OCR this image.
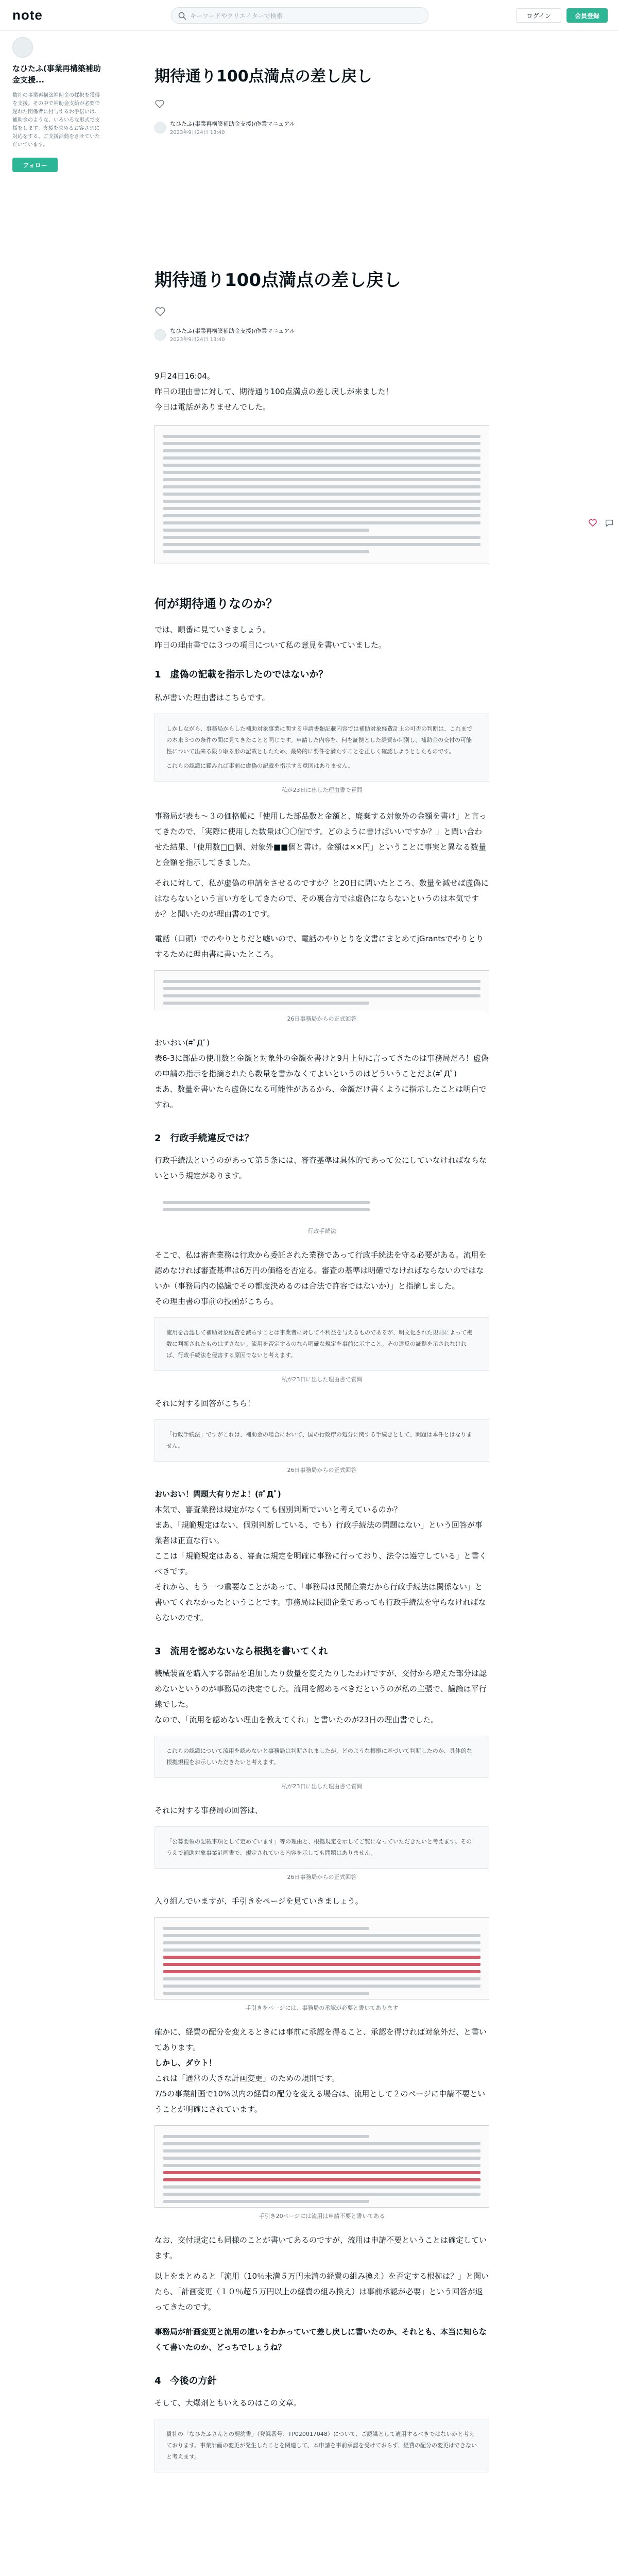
note
キーワードやクリエイターで検索	ログイン	会員登録
なひたふ(事業再構築補助金支援...
数社の事業再構築補助金の採択を獲得を支援。その中で補助金支給が必要で遅れた関係者に付与するお手伝いは、補助金のような、いろいろな形式で支援をします。支援を求めるお客さまに対応をする、ご支援活動をさせていただいています。
フォロー
期待通り100点満点の差し戻し
なひたふ(事業再構築補助金支援)/作業マニュアル
2023年9月24日 13:40
期待通り100点満点の差し戻し
なひたふ(事業再構築補助金支援)/作業マニュアル
2023年9月24日 13:40

9月24日16:04。

昨日の理由書に対して、期待通り100点満点の差し戻しが来ました！

今日は電話がありませんでした。

何が期待通りなのか？

では、順番に見ていきましょう。

昨日の理由書では３つの項目について私の意見を書いていました。

1　虚偽の記載を指示したのではないか？

私が書いた理由書はこちらです。

しかしながら、事務局からした補助対象事業に関する申請書類記載内容では補助対象経費計上の可否の判断は、これまでの本来３つの条件の間に見てきたことと同じです。申請した内容を、何を証拠とした経費か判別し、補助金の交付の可能性について出来る限り取る形の記載としたため、最終的に要件を満たすことを正しく確認しようとしたものです。
これらの認識に鑑みれば事前に虚偽の記載を指示する意図はありません。
私が23日に出した理由書で質問

事務局が表も～３の価格帳に「使用した部品数と金額と、廃棄する対象外の金額を書け」と言ってきたので、「実際に使用した数量は〇〇個です。どのように書けばいいですか？」と問い合わせた結果、「使用数□□個、対象外■■個と書け。金額は××円」ということに事実と異なる数量と金額を指示してきました。

それに対して、私が虚偽の申請をさせるのですか？と20日に問いたところ、数量を減せば虚偽にはならないという言い方をしてきたので、その裏合方では虚偽にならないというのは本気ですか？と聞いたのが理由書の1です。

電話（口頭）でのやりとりだと嘘いので、電話のやりとりを文書にまとめてjGrantsでやりとりするために理由書に書いたところ。

26日事務局からの正式回答

おいおい(#ﾟДﾟ)

表6-3に部品の使用数と金額と対象外の金額を書けと9月上旬に言ってきたのは事務局だろ！虚偽の申請の指示を指摘されたら数量を書かなくてよいというのはどういうことだよ(#ﾟДﾟ)

まあ、数量を書いたら虚偽になる可能性があるから、金額だけ書くように指示したことは明白ですね。

2　行政手続違反では？

行政手続法というのがあって第５条には、審査基準は具体的であって公にしていなければならないという規定があります。

行政手続法

そこで、私は審査業務は行政から委託された業務であって行政手続法を守る必要がある。流用を認めなければ審査基準は6万円の価格を否定る。審査の基準は明確でなければならないのではないか（事務局内の協議でその都度決めるのは合法で許容ではないか）」と指摘しました。

その理由書の事前の投函がこちら。

流用を否認して補助対象経費を減らすことは事業者に対して不利益を与えるものであるが、明文化された規則によって複数に判断されたものはずさない。流用を否定するのなら明確な規定を事前に示すこと。その違反の証拠を示されなければ、行政手続法を侵害する原因でないと考えます。
私が23日に出した理由書で質問

それに対する回答がこちら！

「行政手続法」ですがこれは、補助金の場合において、国の行政庁の処分に関する手続きとして、問題は本件とはなりません。
26日事務局からの正式回答

おいおい！問題大有りだよ！(#ﾟДﾟ)

本気で、審査業務は規定がなくても個別判断でいいと考えているのか？

まあ、「規範規定はない、個別判断している、でも）行政手続法の問題はない」という回答が事業者は正直な行い。

ここは「規範規定はある、審査は規定を明確に事務に行っており、法令は遵守している」と書くべきです。

それから、もう一つ重要なことがあって、「事務局は民間企業だから行政手続法は関係ない」と書いてくれなかったということです。事務局は民間企業であっても行政手続法を守らなければならないのです。

3　流用を認めないなら根拠を書いてくれ

機械装置を購入する部品を追加したり数量を変えたりしたわけですが、交付から増えた部分は認めないというのが事務局の決定でした。流用を認めるべきだというのが私の主張で、議論は平行線でした。

なので、「流用を認めない理由を教えてくれ」と書いたのが23日の理由書でした。

これらの認識について流用を認めないと事務局は判断されましたが、どのような根拠に基づいて判断したのか、具体的な根拠規程をお示しいただきたいと考えます。
私が23日に出した理由書で質問

それに対する事務局の回答は、

「公募要領の記載事項として定めています」等の理由と、根拠規定を示してご覧になっていただきたいと考えます。そのうえで補助対象事業計画書で、規定されている内容を示しても問題はありません。
26日事務局からの正式回答

入り組んでいますが、手引きをページを見ていきましょう。

手引きをページには、事務局の承認が必要と書いてあります

確かに、経費の配分を変えるときには事前に承認を得ること、承認を得ければ対象外だ、と書いてあります。

しかし、ダウト！

これは「通常の大きな計画変更」のための規則です。

7/5の事業計画で10%以内の経費の配分を変える場合は、流用として２のページに申請不要ということが明確にされています。

手引き20ページには流用は申請不要と書いてある

なお、交付規定にも同様のことが書いてあるのですが、流用は申請不要ということは確定しています。

以上をまとめると「流用（10％未満５万円未満の経費の組み換え）を否定する根拠は？」と聞いたら、「計画変更（１０％超５万円以上の経費の組み換え）は事前承認が必要」という回答が返ってきたのです。

事務局が計画変更と流用の違いをわかっていて差し戻しに書いたのか、それとも、本当に知らなくて書いたのか、どっちでしょうね？

4　今後の方針

そして、大爆剤ともいえるのはこの文章。

貴社の「なひたふさんとの契約書」（登録番号：TP020017048）について、ご認識として適用するべきではないかと考えております。事業計画の変更が発生したことを関連して、本申請を事前承認を受けておらず、経費の配分の変更はできないと考えます。
